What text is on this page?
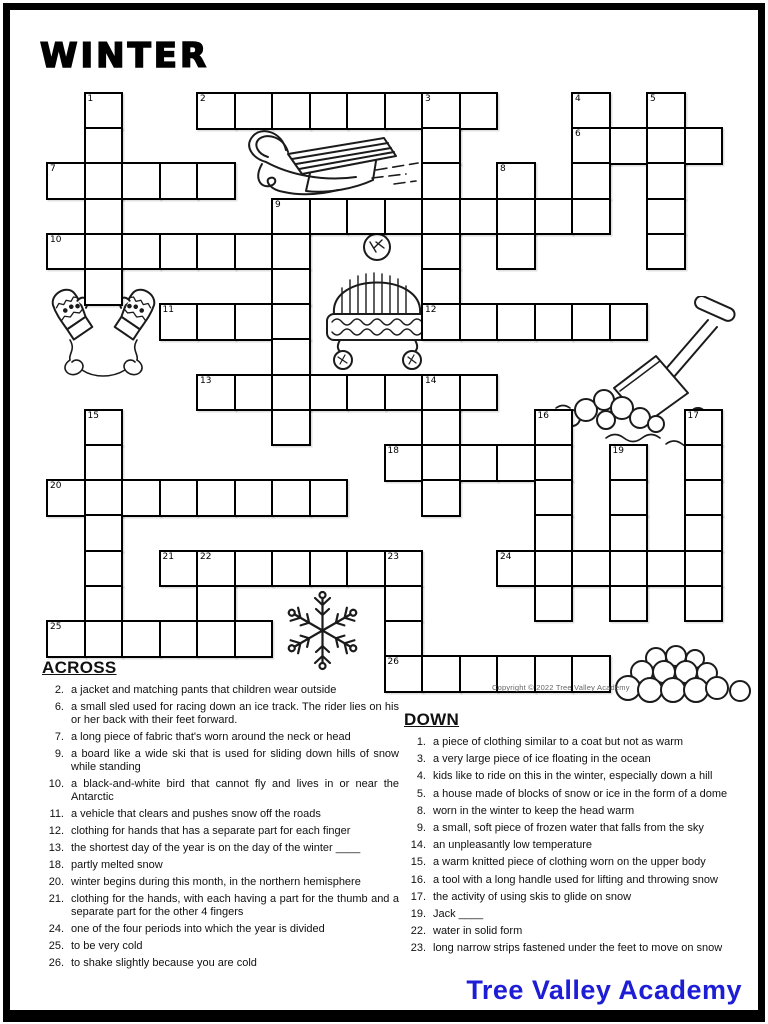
WINTER
1	2	3	4	5
6
7	8
9
10
11	12
13	14
15	16	17
18	19
20
21	22	23	24
25
26
Copyright © 2022 Tree Valley Academy
ACROSS
2. a jacket and matching pants that children wear outside
6. a small sled used for racing down an ice track. The rider lies on his or her back with their feet forward.
7. a long piece of fabric that's worn around the neck or head
9. a board like a wide ski that is used for sliding down hills of snow while standing
10. a black-and-white bird that cannot fly and lives in or near the Antarctic
11. a vehicle that clears and pushes snow off the roads
12. clothing for hands that has a separate part for each finger
13. the shortest day of the year is on the day of the winter ____
18. partly melted snow
20. winter begins during this month, in the northern hemisphere
21. clothing for the hands, with each having a part for the thumb and a separate part for the other 4 fingers
24. one of the four periods into which the year is divided
25. to be very cold
26. to shake slightly because you are cold
DOWN
1. a piece of clothing similar to a coat but not as warm
3. a very large piece of ice floating in the ocean
4. kids like to ride on this in the winter, especially down a hill
5. a house made of blocks of snow or ice in the form of a dome
8. worn in the winter to keep the head warm
9. a small, soft piece of frozen water that falls from the sky
14. an unpleasantly low temperature
15. a warm knitted piece of clothing worn on the upper body
16. a tool with a long handle used for lifting and throwing snow
17. the activity of using skis to glide on snow
19. Jack ____
22. water in solid form
23. long narrow strips fastened under the feet to move on snow
Tree Valley Academy
